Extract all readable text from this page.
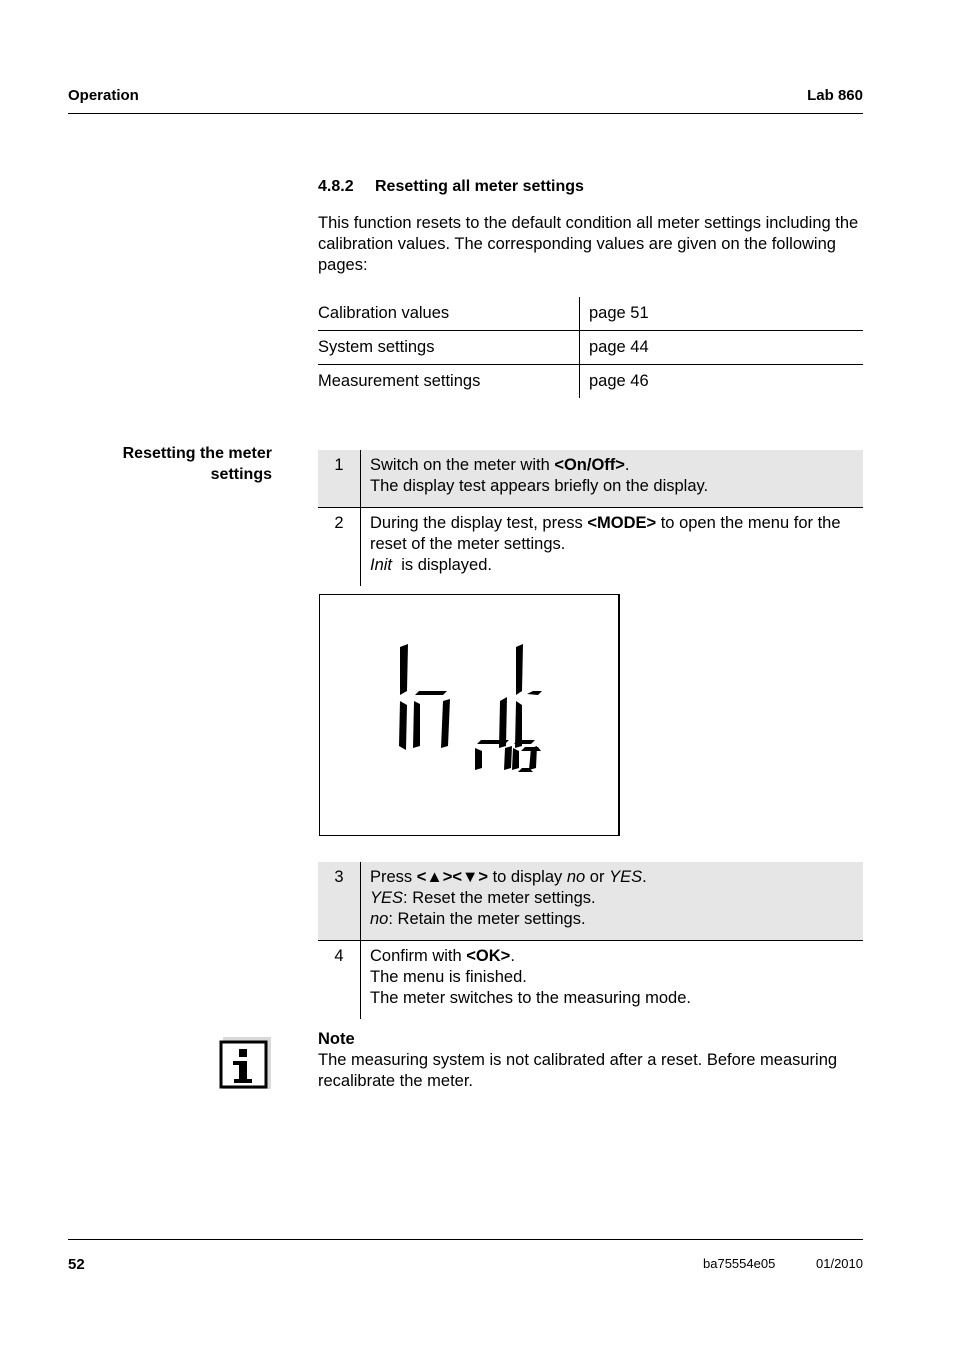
Operation	Lab 860
4.8.2 Resetting all meter settings
This function resets to the default condition all meter settings including the calibration values. The corresponding values are given on the following pages:
Calibration values	page 51
System settings	page 44
Measurement settings	page 46
Resetting the meter
settings
1	Switch on the meter with <On/Off>.
The display test appears briefly on the display.
2	During the display test, press <MODE> to open the menu for the reset of the meter settings.
Init  is displayed.
3	Press <▲><▼> to display no or YES.
YES: Reset the meter settings.
no: Retain the meter settings.
4	Confirm with <OK>.
The menu is finished.
The meter switches to the measuring mode.
Note
The measuring system is not calibrated after a reset. Before measuring recalibrate the meter.
52	ba75554e05	01/2010
